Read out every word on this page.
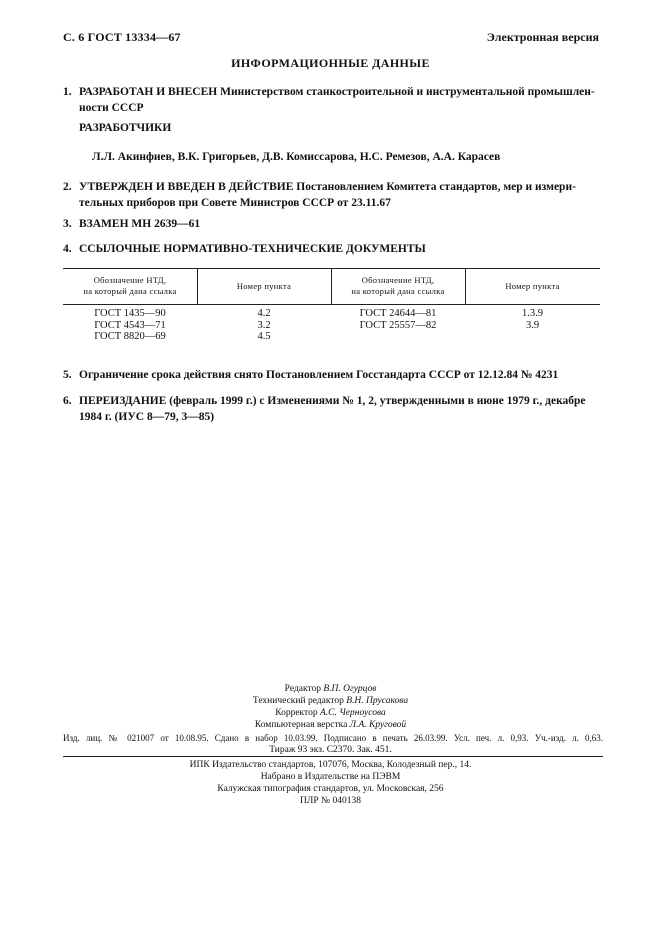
С. 6 ГОСТ 13334—67	Электронная версия
ИНФОРМАЦИОННЫЕ ДАННЫЕ
1. РАЗРАБОТАН И ВНЕСЕН Министерством станкостроительной и инструментальной промышлен-
ности СССР
РАЗРАБОТЧИКИ
Л.Л. Акинфиев, В.К. Григорьев, Д.В. Комиссарова, Н.С. Ремезов, А.А. Карасев
2. УТВЕРЖДЕН И ВВЕДЕН В ДЕЙСТВИЕ Постановлением Комитета стандартов, мер и измери-
тельных приборов при Совете Министров СССР от 23.11.67
3. ВЗАМЕН МН 2639—61
4. ССЫЛОЧНЫЕ НОРМАТИВНО-ТЕХНИЧЕСКИЕ ДОКУМЕНТЫ
Обозначение НТД,
на который дана ссылка
Номер пункта
Обозначение НТД,
на который дана ссылка
Номер пункта
ГОСТ 1435—90
ГОСТ 4543—71
ГОСТ 8820—69
4.2
3.2
4.5
ГОСТ 24644—81
ГОСТ 25557—82
1.3.9
3.9
5. Ограничение срока действия снято Постановлением Госстандарта СССР от 12.12.84 № 4231
6. ПЕРЕИЗДАНИЕ (февраль 1999 г.) с Изменениями № 1, 2, утвержденными в июне 1979 г., декабре
1984 г. (ИУС 8—79, 3—85)
Редактор В.П. Огурцов
Технический редактор В.Н. Прусакова
Корректор А.С. Черноусова
Компьютерная верстка Л.А. Круговой
Изд. лиц. № 021007 от 10.08.95. Сдано в набор 10.03.99. Подписано в печать 26.03.99. Усл. печ. л. 0,93. Уч.-изд. л. 0,63.
Тираж 93 экз. С2370. Зак. 451.
ИПК Издательство стандартов, 107076, Москва, Колодезный пер., 14.
Набрано в Издательстве на ПЭВМ
Калужская типография стандартов, ул. Московская, 256
ПЛР № 040138
